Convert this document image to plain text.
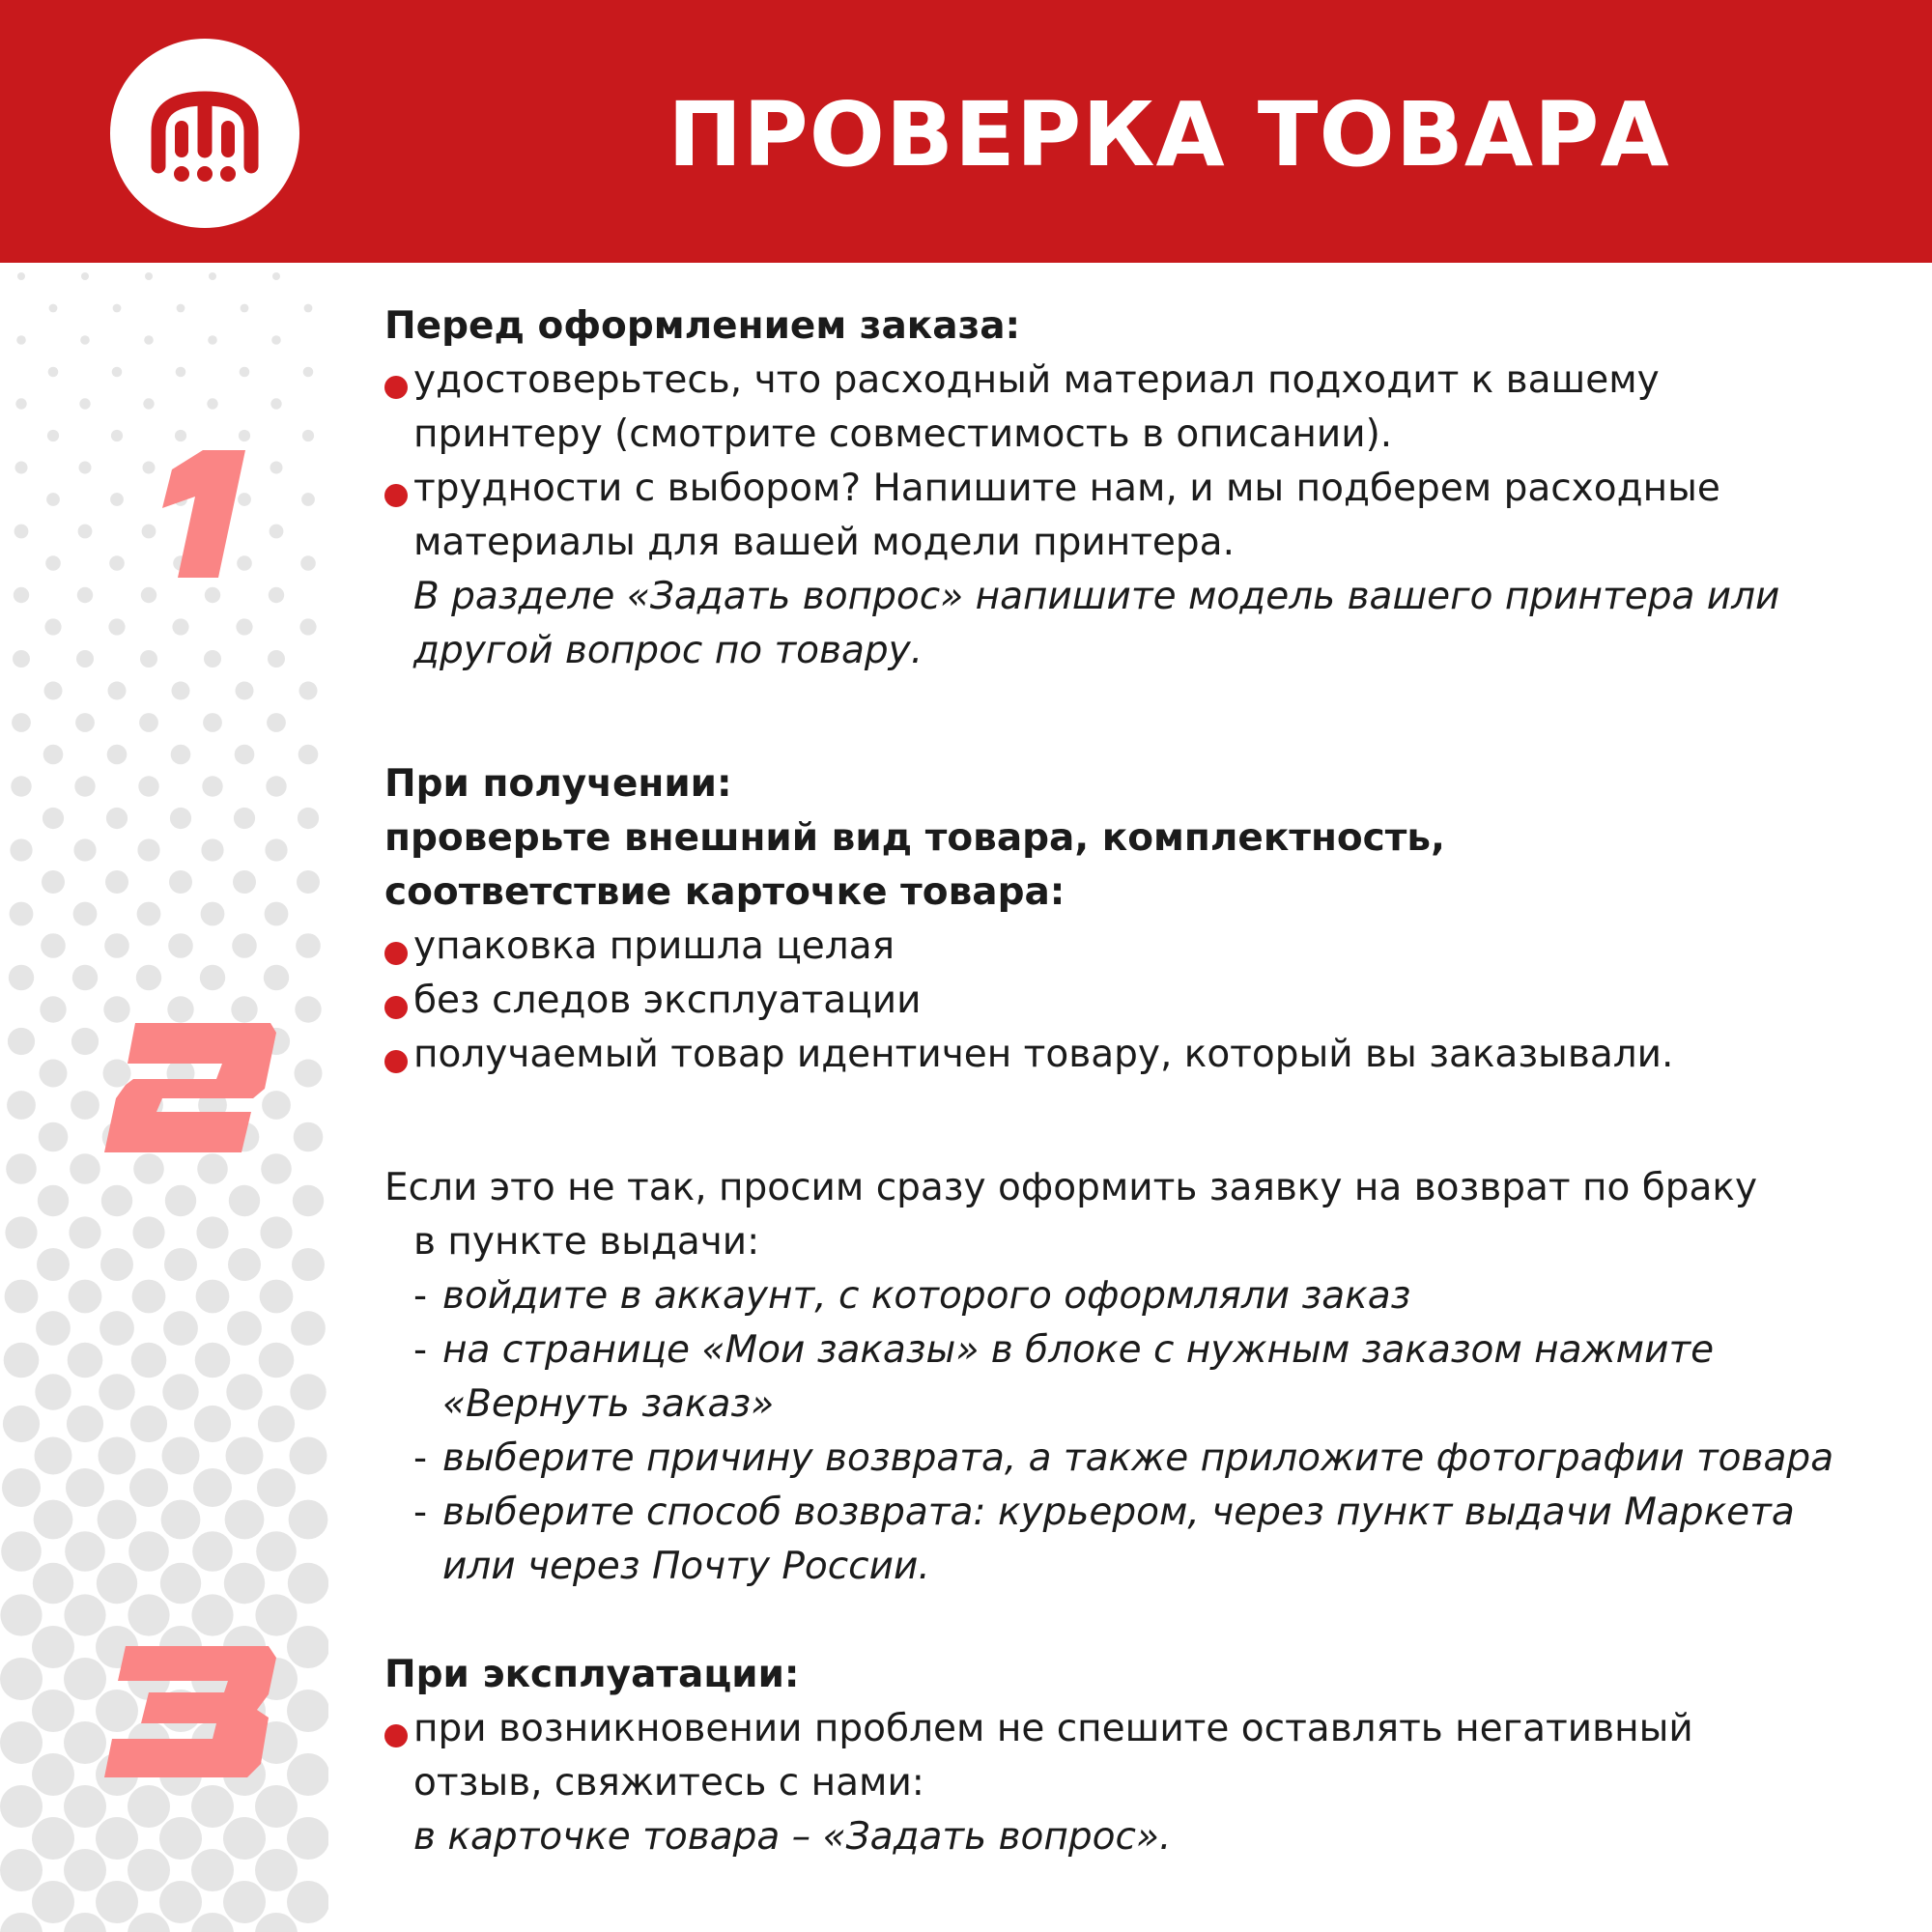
ПРОВЕРКА ТОВАРА
Перед оформлением заказа:
удостоверьтесь, что расходный материал подходит к вашему
принтеру (смотрите совместимость в описании).
трудности с выбором? Напишите нам, и мы подберем расходные
материалы для вашей модели принтера.
В разделе «Задать вопрос» напишите модель вашего принтера или
другой вопрос по товару.
При получении:
проверьте внешний вид товара, комплектность,
соответствие карточке товара:
упаковка пришла целая
без следов эксплуатации
получаемый товар идентичен товару, который вы заказывали.
Если это не так, просим сразу оформить заявку на возврат по браку
в пункте выдачи:
- войдите в аккаунт, с которого оформляли заказ
- на странице «Мои заказы» в блоке с нужным заказом нажмите
«Вернуть заказ»
- выберите причину возврата, а также приложите фотографии товара
- выберите способ возврата: курьером, через пункт выдачи Маркета
или через Почту России.
При эксплуатации:
при возникновении проблем не спешите оставлять негативный
отзыв, свяжитесь с нами:
в карточке товара – «Задать вопрос».
